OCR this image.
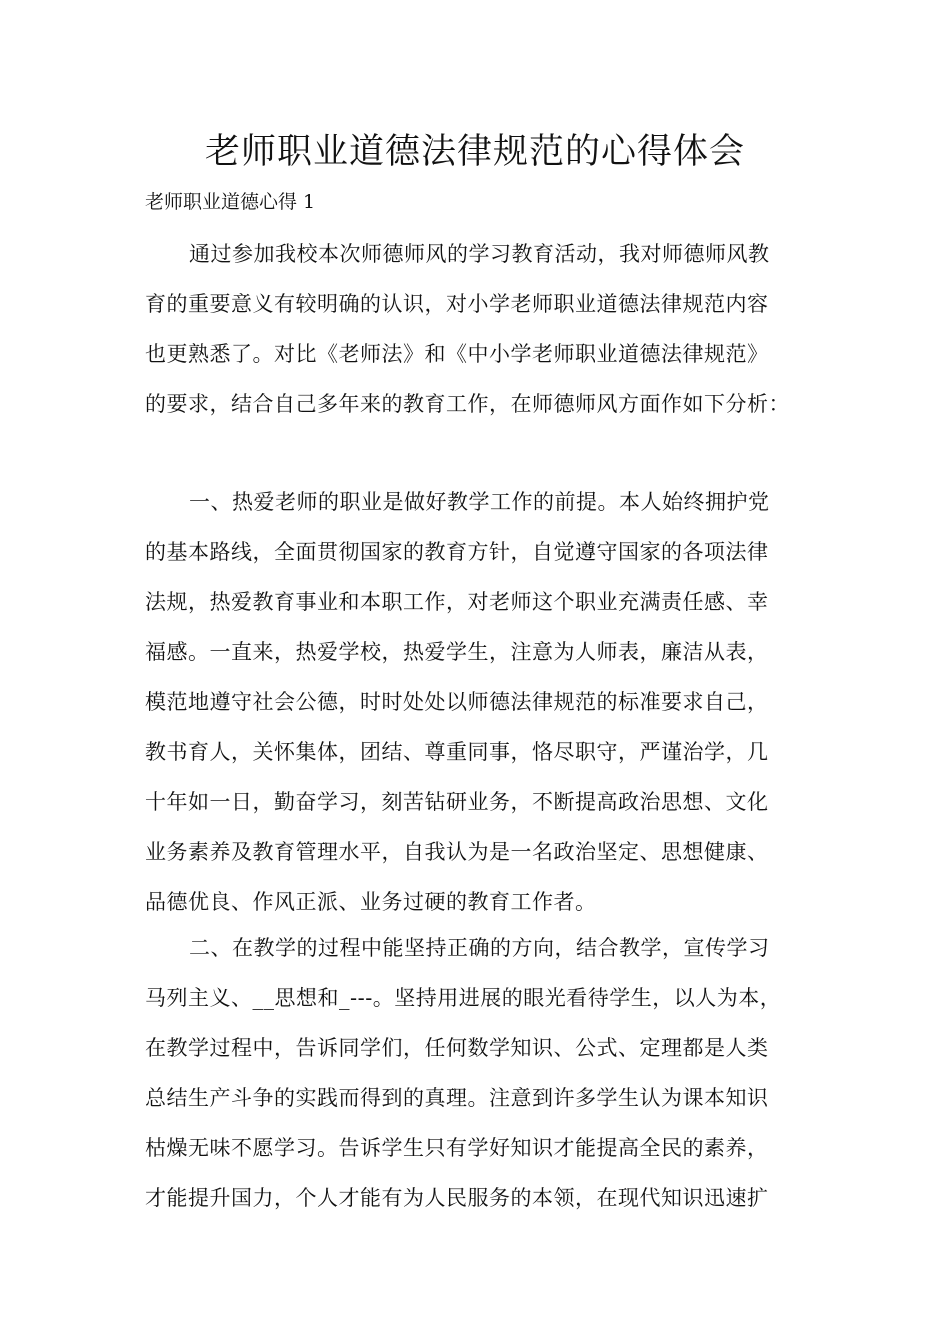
老师职业道德法律规范的心得体会

老师职业道德心得 1

通过参加我校本次师德师风的学习教育活动，我对师德师风教
育的重要意义有较明确的认识，对小学老师职业道德法律规范内容
也更熟悉了。对比《老师法》和《中小学老师职业道德法律规范》
的要求，结合自己多年来的教育工作，在师德师风方面作如下分析：
一、热爱老师的职业是做好教学工作的前提。本人始终拥护党
的基本路线，全面贯彻国家的教育方针，自觉遵守国家的各项法律
法规，热爱教育事业和本职工作，对老师这个职业充满责任感、幸
福感。一直来，热爱学校，热爱学生，注意为人师表，廉洁从表，
模范地遵守社会公德，时时处处以师德法律规范的标准要求自己，
教书育人，关怀集体，团结、尊重同事，恪尽职守，严谨治学，几
十年如一日，勤奋学习，刻苦钻研业务，不断提高政治思想、文化
业务素养及教育管理水平，自我认为是一名政治坚定、思想健康、
品德优良、作风正派、业务过硬的教育工作者。
二、在教学的过程中能坚持正确的方向，结合教学，宣传学习
马列主义、__思想和_---。坚持用进展的眼光看待学生，以人为本，
在教学过程中，告诉同学们，任何数学知识、公式、定理都是人类
总结生产斗争的实践而得到的真理。注意到许多学生认为课本知识
枯燥无味不愿学习。告诉学生只有学好知识才能提高全民的素养，
才能提升国力，个人才能有为人民服务的本领，在现代知识迅速扩
